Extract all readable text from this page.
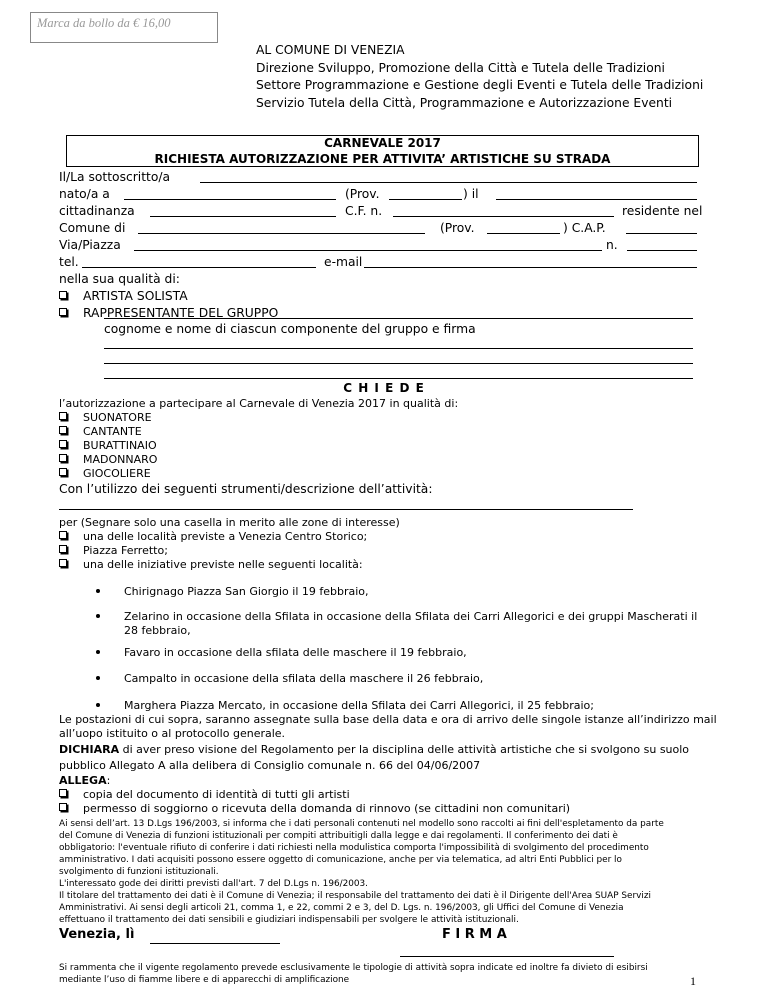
Marca da bollo da € 16,00
AL COMUNE DI VENEZIA
Direzione Sviluppo, Promozione della Città e Tutela delle Tradizioni
Settore Programmazione e Gestione degli Eventi e Tutela delle Tradizioni
Servizio Tutela della Città, Programmazione e Autorizzazione Eventi
CARNEVALE 2017
RICHIESTA AUTORIZZAZIONE PER ATTIVITA’ ARTISTICHE SU STRADA
Il/La sottoscritto/a
nato/a a	(Prov.	) il
cittadinanza	C.F. n.	residente nel
Comune di	(Prov.	) C.A.P.
Via/Piazza	n.
tel.	e-mail
nella sua qualità di:
ARTISTA SOLISTA
RAPPRESENTANTE DEL GRUPPO
cognome e nome di ciascun componente del gruppo e firma
C H I E D E
l’autorizzazione a partecipare al Carnevale di Venezia 2017 in qualità di:
SUONATORE
CANTANTE
BURATTINAIO
MADONNARO
GIOCOLIERE
Con l’utilizzo dei seguenti strumenti/descrizione dell’attività:
per (Segnare solo una casella in merito alle zone di interesse)
una delle località previste a Venezia Centro Storico;
Piazza Ferretto;
una delle iniziative previste nelle seguenti località:
Chirignago Piazza San Giorgio il 19 febbraio,
Zelarino in occasione della Sfilata in occasione della Sfilata dei Carri Allegorici e dei gruppi Mascherati il
28 febbraio,
Favaro in occasione della sfilata delle maschere il 19 febbraio,
Campalto in occasione della sfilata della maschere il 26 febbraio,
Marghera Piazza Mercato, in occasione della Sfilata dei Carri Allegorici, il 25 febbraio;
Le postazioni di cui sopra, saranno assegnate sulla base della data e ora di arrivo delle singole istanze all’indirizzo mail
all’uopo istituito o al protocollo generale.
DICHIARA di aver preso visione del Regolamento per la disciplina delle attività artistiche che si svolgono su suolo
pubblico Allegato A alla delibera di Consiglio comunale n. 66 del 04/06/2007
ALLEGA:
copia del documento di identità di tutti gli artisti
permesso di soggiorno o ricevuta della domanda di rinnovo (se cittadini non comunitari)
Ai sensi dell’art. 13 D.Lgs 196/2003, si informa che i dati personali contenuti nel modello sono raccolti ai fini dell'espletamento da parte
del Comune di Venezia di funzioni istituzionali per compiti attribuitigli dalla legge e dai regolamenti. Il conferimento dei dati è
obbligatorio: l'eventuale rifiuto di conferire i dati richiesti nella modulistica comporta l'impossibilità di svolgimento del procedimento
amministrativo. I dati acquisiti possono essere oggetto di comunicazione, anche per via telematica, ad altri Enti Pubblici per lo
svolgimento di funzioni istituzionali.
L'interessato gode dei diritti previsti dall'art. 7 del D.Lgs n. 196/2003.
Il titolare del trattamento dei dati è il Comune di Venezia; il responsabile del trattamento dei dati è il Dirigente dell'Area SUAP Servizi
Amministrativi. Ai sensi degli articoli 21, comma 1, e 22, commi 2 e 3, del D. Lgs. n. 196/2003, gli Uffici del Comune di Venezia
effettuano il trattamento dei dati sensibili e giudiziari indispensabili per svolgere le attività istituzionali.
Venezia, lì	F I R M A
Si rammenta che il vigente regolamento prevede esclusivamente le tipologie di attività sopra indicate ed inoltre fa divieto di esibirsi
mediante l’uso di fiamme libere e di apparecchi di amplificazione	1
